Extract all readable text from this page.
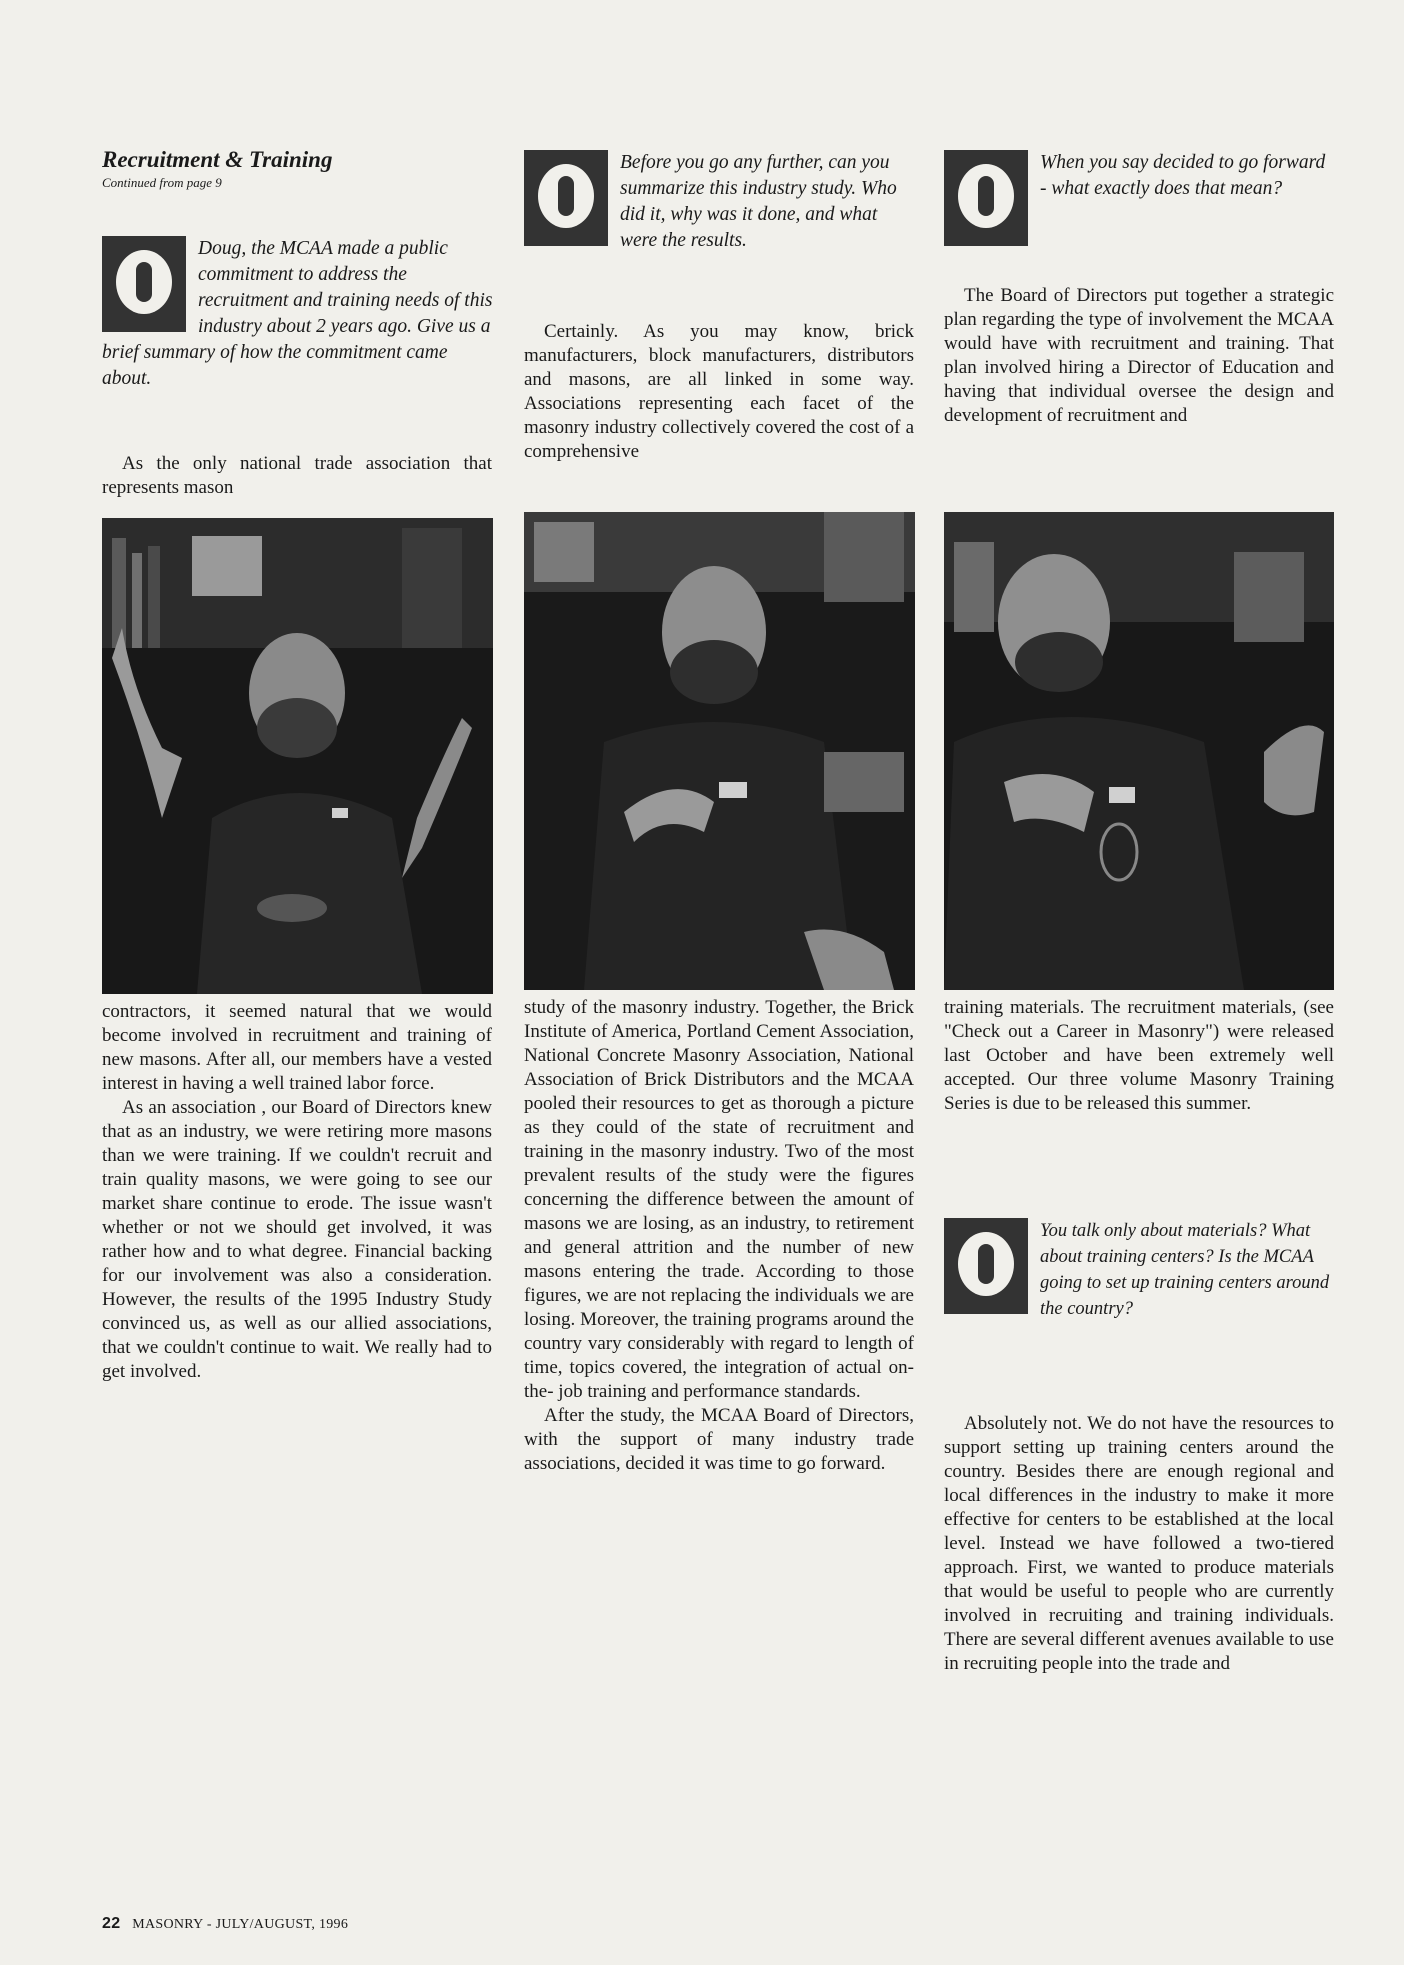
Recruitment & Training
Continued from page 9

Doug, the MCAA made a public commitment to address the recruitment and training needs of this industry about 2 years ago. Give us a brief summary of how the commitment came about.

As the only national trade association that represents mason

contractors, it seemed natural that we would become involved in recruitment and training of new masons. After all, our members have a vested interest in having a well trained labor force.

As an association , our Board of Directors knew that as an industry, we were retiring more masons than we were training. If we couldn't recruit and train quality masons, we were going to see our market share continue to erode. The issue wasn't whether or not we should get involved, it was rather how and to what degree. Financial backing for our involvement was also a consideration. However, the results of the 1995 Industry Study convinced us, as well as our allied associations, that we couldn't continue to wait. We really had to get involved.

Before you go any further, can you summarize this industry study. Who did it, why was it done, and what were the results.

Certainly. As you may know, brick manufacturers, block manufacturers, distributors and masons, are all linked in some way. Associations representing each facet of the masonry industry collectively covered the cost of a comprehensive

study of the masonry industry. Together, the Brick Institute of America, Portland Cement Association, National Concrete Masonry Association, National Association of Brick Distributors and the MCAA pooled their resources to get as thorough a picture as they could of the state of recruitment and training in the masonry industry. Two of the most prevalent results of the study were the figures concerning the difference between the amount of masons we are losing, as an industry, to retirement and general attrition and the number of new masons entering the trade. According to those figures, we are not replacing the individuals we are losing. Moreover, the training programs around the country vary considerably with regard to length of time, topics covered, the integration of actual on-the- job training and performance standards.

After the study, the MCAA Board of Directors, with the support of many industry trade associations, decided it was time to go forward.

When you say decided to go forward - what exactly does that mean?

The Board of Directors put together a strategic plan regarding the type of involvement the MCAA would have with recruitment and training. That plan involved hiring a Director of Education and having that individual oversee the design and development of recruitment and

training materials. The recruitment materials, (see "Check out a Career in Masonry") were released last October and have been extremely well accepted. Our three volume Masonry Training Series is due to be released this summer.

You talk only about materials? What about training centers? Is the MCAA going to set up training centers around the country?

Absolutely not. We do not have the resources to support setting up training centers around the country. Besides there are enough regional and local differences in the industry to make it more effective for centers to be established at the local level. Instead we have followed a two-tiered approach. First, we wanted to produce materials that would be useful to people who are currently involved in recruiting and training individuals. There are several different avenues available to use in recruiting people into the trade and

22 MASONRY - JULY/AUGUST, 1996
